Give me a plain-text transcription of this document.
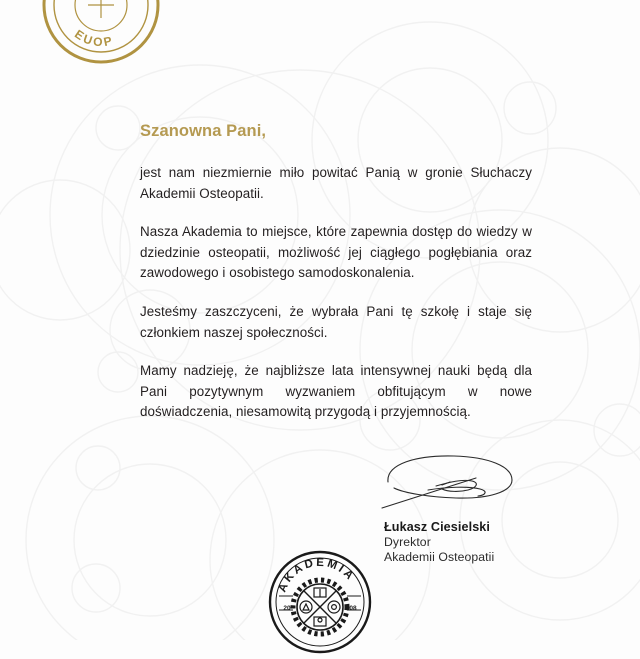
EUOP
Szanowna Pani,

jest nam niezmiernie miło powitać Panią w gronie Słuchaczy Akademii Osteopatii.

Nasza Akademia to miejsce, które zapewnia dostęp do wiedzy w dziedzinie osteopatii, możliwość jej ciągłego pogłębiania oraz zawodowego i osobistego samodoskonalenia.

Jesteśmy zaszczyceni, że wybrała Pani tę szkołę i staje się członkiem naszej społeczności.

Mamy nadzieję, że najbliższe lata intensywnej nauki będą dla Pani pozytywnym wyzwaniem obfitującym w nowe doświadczenia, niesamowitą przygodą i przyjemnością.

Łukasz Ciesielski
Dyrektor
Akademii Osteopatii
AKADEMIA
20	08
